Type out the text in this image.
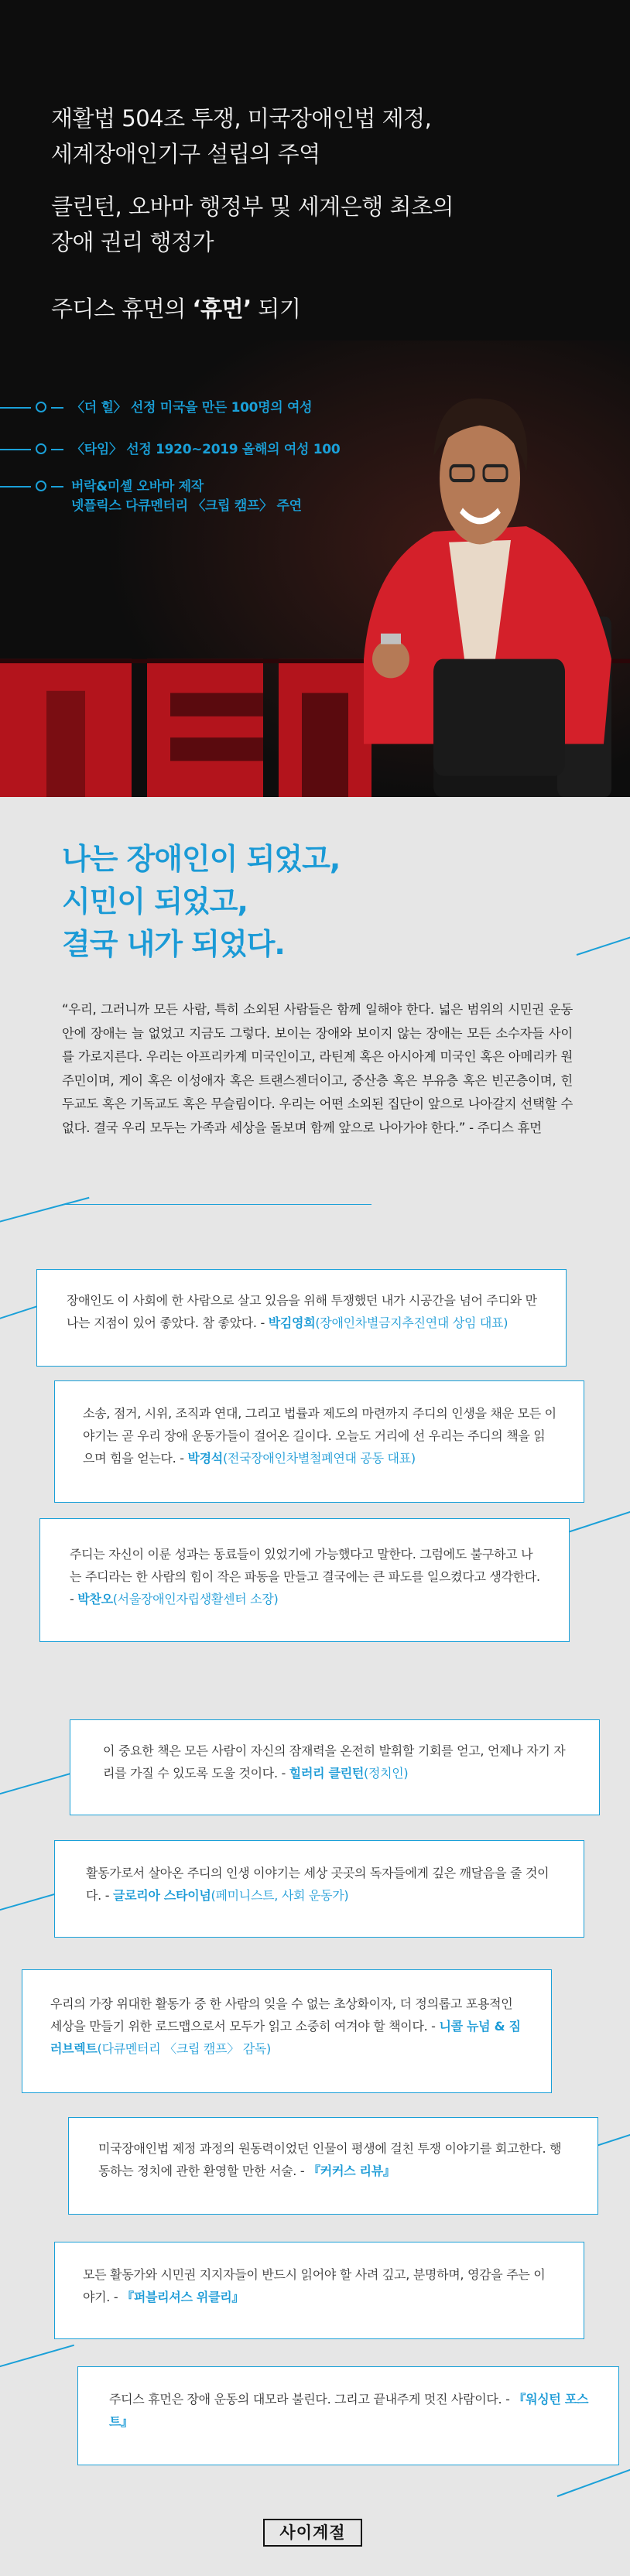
재활법 504조 투쟁, 미국장애인법 제정,
세계장애인기구 설립의 주역
클린턴, 오바마 행정부 및 세계은행 최초의
장애 권리 행정가
주디스 휴먼의 ‘휴먼’ 되기
〈더 힐〉 선정 미국을 만든 100명의 여성
〈타임〉 선정 1920~2019 올해의 여성 100
버락&미셸 오바마 제작
넷플릭스 다큐멘터리 〈크립 캠프〉 주연
나는 장애인이 되었고,
시민이 되었고,
결국 내가 되었다.
“우리, 그러니까 모든 사람, 특히 소외된 사람들은 함께 일해야 한다. 넓은 범위의 시민권 운동 안에 장애는 늘 없었고 지금도 그렇다. 보이는 장애와 보이지 않는 장애는 모든 소수자들 사이를 가로지른다. 우리는 아프리카계 미국인이고, 라틴계 혹은 아시아계 미국인 혹은 아메리카 원주민이며, 게이 혹은 이성애자 혹은 트랜스젠더이고, 중산층 혹은 부유층 혹은 빈곤층이며, 힌두교도 혹은 기독교도 혹은 무슬림이다. 우리는 어떤 소외된 집단이 앞으로 나아갈지 선택할 수 없다. 결국 우리 모두는 가족과 세상을 돌보며 함께 앞으로 나아가야 한다.” - 주디스 휴먼
장애인도 이 사회에 한 사람으로 살고 있음을 위해 투쟁했던 내가 시공간을 넘어 주디와 만나는 지점이 있어 좋았다. 참 좋았다. - 박김영희(장애인차별금지추진연대 상임 대표)
소송, 점거, 시위, 조직과 연대, 그리고 법률과 제도의 마련까지 주디의 인생을 채운 모든 이야기는 곧 우리 장애 운동가들이 걸어온 길이다. 오늘도 거리에 선 우리는 주디의 책을 읽으며 힘을 얻는다. - 박경석(전국장애인차별철폐연대 공동 대표)
주디는 자신이 이룬 성과는 동료들이 있었기에 가능했다고 말한다. 그럼에도 불구하고 나는 주디라는 한 사람의 힘이 작은 파동을 만들고 결국에는 큰 파도를 일으켰다고 생각한다. - 박찬오(서울장애인자립생활센터 소장)
이 중요한 책은 모든 사람이 자신의 잠재력을 온전히 발휘할 기회를 얻고, 언제나 자기 자리를 가질 수 있도록 도울 것이다. - 힐러리 클린턴(정치인)
활동가로서 살아온 주디의 인생 이야기는 세상 곳곳의 독자들에게 깊은 깨달음을 줄 것이다. - 글로리아 스타이넘(페미니스트, 사회 운동가)
우리의 가장 위대한 활동가 중 한 사람의 잊을 수 없는 초상화이자, 더 정의롭고 포용적인 세상을 만들기 위한 로드맵으로서 모두가 읽고 소중히 여겨야 할 책이다. - 니콜 뉴넘 & 짐 러브렉트(다큐멘터리 〈크립 캠프〉 감독)
미국장애인법 제정 과정의 원동력이었던 인물이 평생에 걸친 투쟁 이야기를 회고한다. 행동하는 정치에 관한 환영할 만한 서술. - 『커커스 리뷰』
모든 활동가와 시민권 지지자들이 반드시 읽어야 할 사려 깊고, 분명하며, 영감을 주는 이야기. - 『퍼블리셔스 위클리』
주디스 휴먼은 장애 운동의 대모라 불린다. 그리고 끝내주게 멋진 사람이다. - 『워싱턴 포스트』
사이계절
